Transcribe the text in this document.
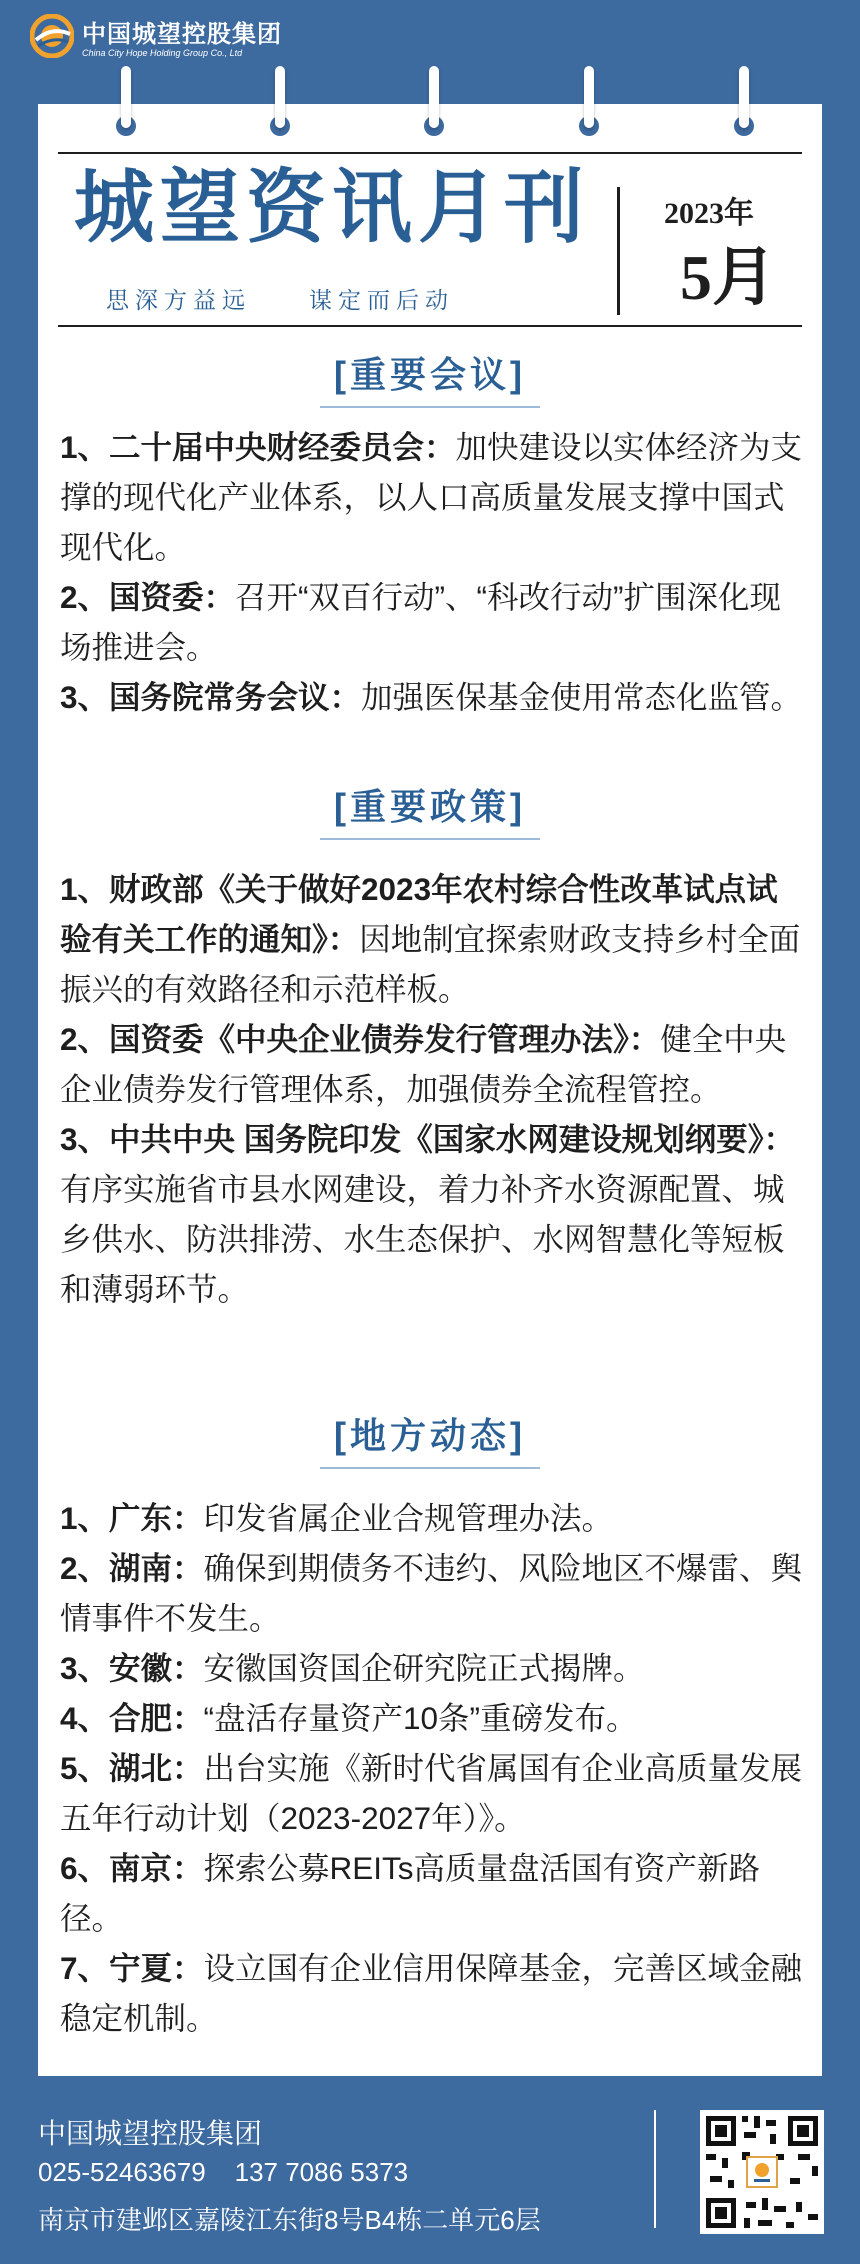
中国城望控股集团
China City Hope Holding Group Co., Ltd
城望资讯月刊
思深方益远	谋定而后动
2023年
5月
[重要会议]
1、二十届中央财经委员会：加快建设以实体经济为支撑的现代化产业体系，以人口高质量发展支撑中国式现代化。
2、国资委：召开“双百行动”、“科改行动”扩围深化现场推进会。
3、国务院常务会议：加强医保基金使用常态化监管。
[重要政策]
1、财政部《关于做好2023年农村综合性改革试点试验有关工作的通知》：因地制宜探索财政支持乡村全面振兴的有效路径和示范样板。
2、国资委《中央企业债券发行管理办法》：健全中央企业债券发行管理体系，加强债券全流程管控。
3、中共中央 国务院印发《国家水网建设规划纲要》：有序实施省市县水网建设，着力补齐水资源配置、城乡供水、防洪排涝、水生态保护、水网智慧化等短板和薄弱环节。
[地方动态]
1、广东：印发省属企业合规管理办法。
2、湖南：确保到期债务不违约、风险地区不爆雷、舆情事件不发生。
3、安徽：安徽国资国企研究院正式揭牌。
4、合肥：“盘活存量资产10条”重磅发布。
5、湖北：出台实施《新时代省属国有企业高质量发展五年行动计划（2023-2027年）》。
6、南京：探索公募REITs高质量盘活国有资产新路径。
7、宁夏：设立国有企业信用保障基金，完善区域金融稳定机制。
中国城望控股集团
025-52463679    137 7086 5373
南京市建邺区嘉陵江东街8号B4栋二单元6层
